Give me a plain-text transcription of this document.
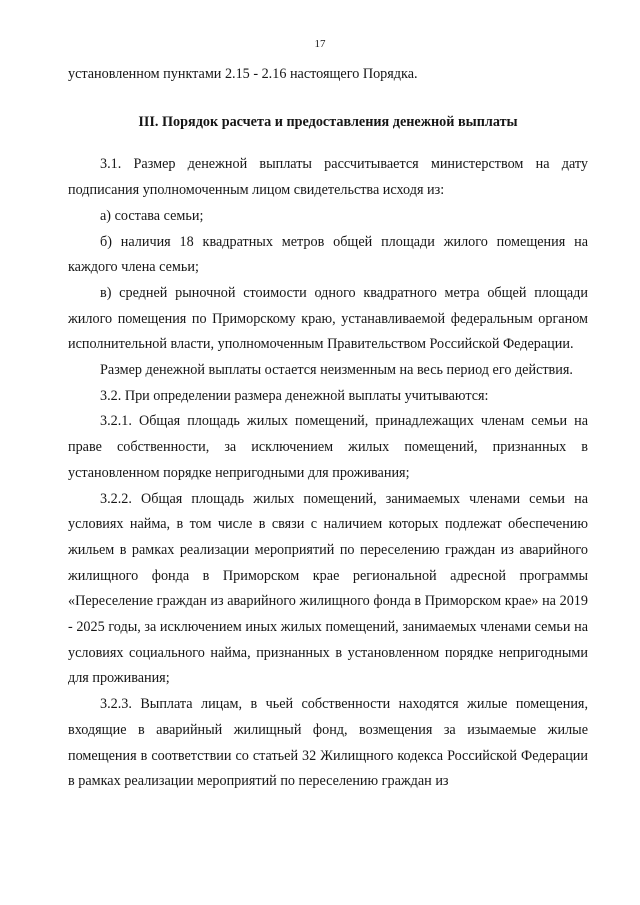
17

установленном пунктами 2.15 - 2.16 настоящего Порядка.

III. Порядок расчета и предоставления денежной выплаты

3.1. Размер денежной выплаты рассчитывается министерством на дату подписания уполномоченным лицом свидетельства исходя из:

а) состава семьи;

б) наличия 18 квадратных метров общей площади жилого помещения на каждого члена семьи;

в) средней рыночной стоимости одного квадратного метра общей площади жилого помещения по Приморскому краю, устанавливаемой федеральным органом исполнительной власти, уполномоченным Правительством Российской Федерации.

Размер денежной выплаты остается неизменным на весь период его действия.

3.2. При определении размера денежной выплаты учитываются:

3.2.1. Общая площадь жилых помещений, принадлежащих членам семьи на праве собственности, за исключением жилых помещений, признанных в установленном порядке непригодными для проживания;

3.2.2. Общая площадь жилых помещений, занимаемых членами семьи на условиях найма, в том числе в связи с наличием которых подлежат обеспечению жильем в рамках реализации мероприятий по переселению граждан из аварийного жилищного фонда в Приморском крае региональной адресной программы «Переселение граждан из аварийного жилищного фонда в Приморском крае» на 2019 - 2025 годы, за исключением иных жилых помещений, занимаемых членами семьи на условиях социального найма, признанных в установленном порядке непригодными для проживания;

3.2.3. Выплата лицам, в чьей собственности находятся жилые помещения, входящие в аварийный жилищный фонд, возмещения за изымаемые жилые помещения в соответствии со статьей 32 Жилищного кодекса Российской Федерации в рамках реализации мероприятий по переселению граждан из
